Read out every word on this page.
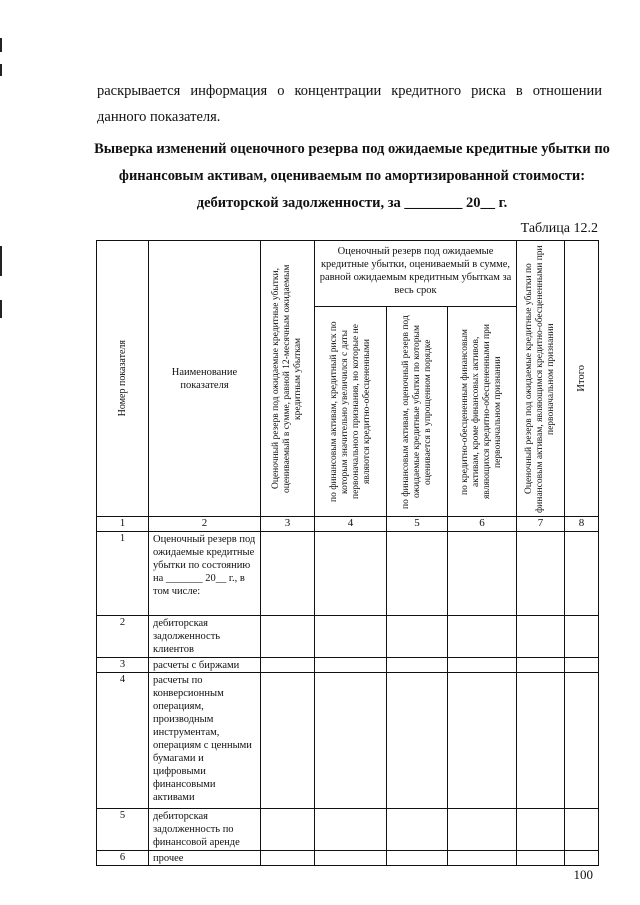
раскрывается информация о концентрации кредитного риска в отношении данного показателя.
Выверка изменений оценочного резерва под ожидаемые кредитные убытки по финансовым активам, оцениваемым по амортизированной стоимости: дебиторской задолженности, за ________ 20__ г.
Таблица 12.2
Номер показателя	Наименование показателя	Оценочный резерв под ожидаемые кредитные убытки, оцениваемый в сумме, равной 12-месячным ожидаемым кредитным убыткам	Оценочный резерв под ожидаемые кредитные убытки, оцениваемый в сумме, равной ожидаемым кредитным убыткам за весь срок			Оценочный резерв под ожидаемые кредитные убытки по финансовым активам, являющимся кредитно-обесцененными при первоначальном признании	Итого

			по финансовым активам, кредитный риск по которым значительно увеличился с даты первоначального признания, но которые не являются кредитно-обесцененными	по финансовым активам, оценочный резерв под ожидаемые кредитные убытки по которым оценивается в упрощенном порядке	по кредитно-обесцененным финансовым активам, кроме финансовых активов, являющихся кредитно-обесцененными при первоначальном признании		

1	2	3	4	5	6	7	8
1	Оценочный резерв под ожидаемые кредитные убытки по состоянию на _______ 20__ г., в том числе:						
2	дебиторская задолженность клиентов						
3	расчеты с биржами						
4	расчеты по конверсионным операциям, производным инструментам, операциям с ценными бумагами и цифровыми финансовыми активами						
5	дебиторская задолженность по финансовой аренде						
6	прочее						
100
